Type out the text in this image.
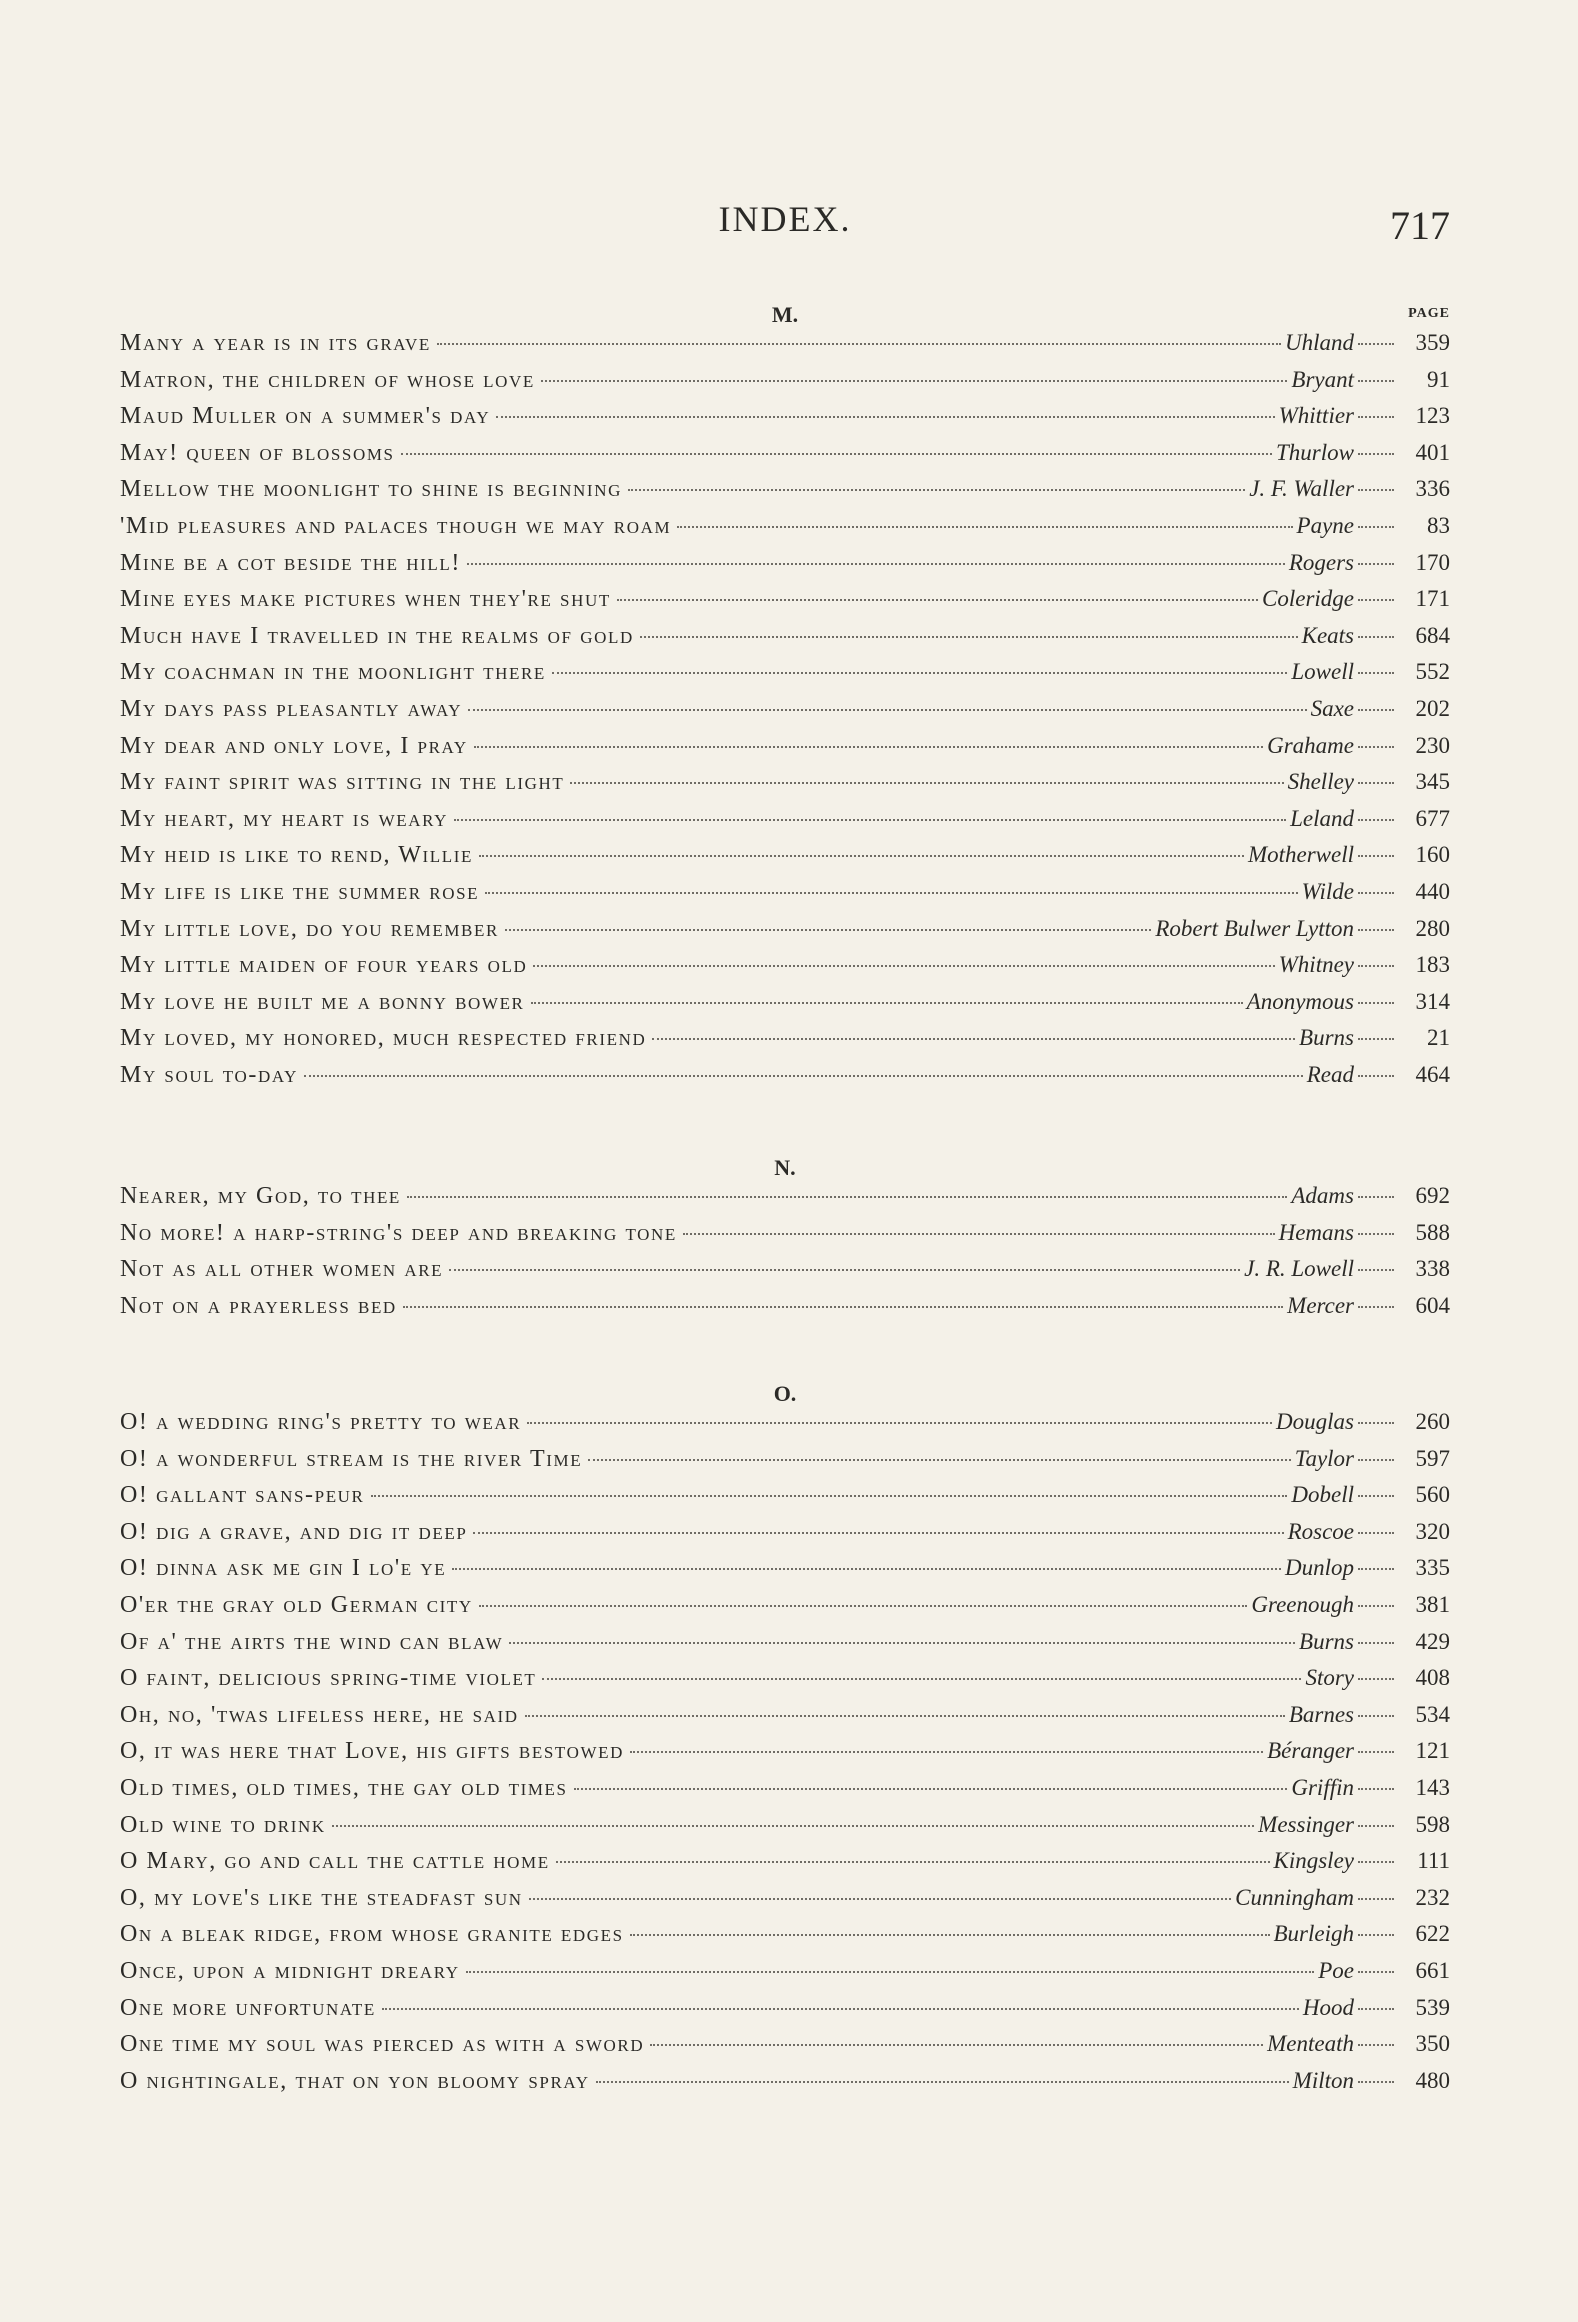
INDEX.	717
M.	PAGE
Many a year is in its grave	Uhland	359
Matron, the children of whose love	Bryant	91
Maud Muller on a summer's day	Whittier	123
May! queen of blossoms	Thurlow	401
Mellow the moonlight to shine is beginning	J. F. Waller	336
'Mid pleasures and palaces though we may roam	Payne	83
Mine be a cot beside the hill!	Rogers	170
Mine eyes make pictures when they're shut	Coleridge	171
Much have I travelled in the realms of gold	Keats	684
My coachman in the moonlight there	Lowell	552
My days pass pleasantly away	Saxe	202
My dear and only love, I pray	Grahame	230
My faint spirit was sitting in the light	Shelley	345
My heart, my heart is weary	Leland	677
My heid is like to rend, Willie	Motherwell	160
My life is like the summer rose	Wilde	440
My little love, do you remember	Robert Bulwer Lytton	280
My little maiden of four years old	Whitney	183
My love he built me a bonny bower	Anonymous	314
My loved, my honored, much respected friend	Burns	21
My soul to-day	Read	464
N.
Nearer, my God, to thee	Adams	692
No more! a harp-string's deep and breaking tone	Hemans	588
Not as all other women are	J. R. Lowell	338
Not on a prayerless bed	Mercer	604
O.
O! a wedding ring's pretty to wear	Douglas	260
O! a wonderful stream is the river Time	Taylor	597
O! gallant sans-peur	Dobell	560
O! dig a grave, and dig it deep	Roscoe	320
O! dinna ask me gin I lo'e ye	Dunlop	335
O'er the gray old German city	Greenough	381
Of a' the airts the wind can blaw	Burns	429
O faint, delicious spring-time violet	Story	408
Oh, no, 'twas lifeless here, he said	Barnes	534
O, it was here that Love, his gifts bestowed	Béranger	121
Old times, old times, the gay old times	Griffin	143
Old wine to drink	Messinger	598
O Mary, go and call the cattle home	Kingsley	111
O, my love's like the steadfast sun	Cunningham	232
On a bleak ridge, from whose granite edges	Burleigh	622
Once, upon a midnight dreary	Poe	661
One more unfortunate	Hood	539
One time my soul was pierced as with a sword	Menteath	350
O nightingale, that on yon bloomy spray	Milton	480
